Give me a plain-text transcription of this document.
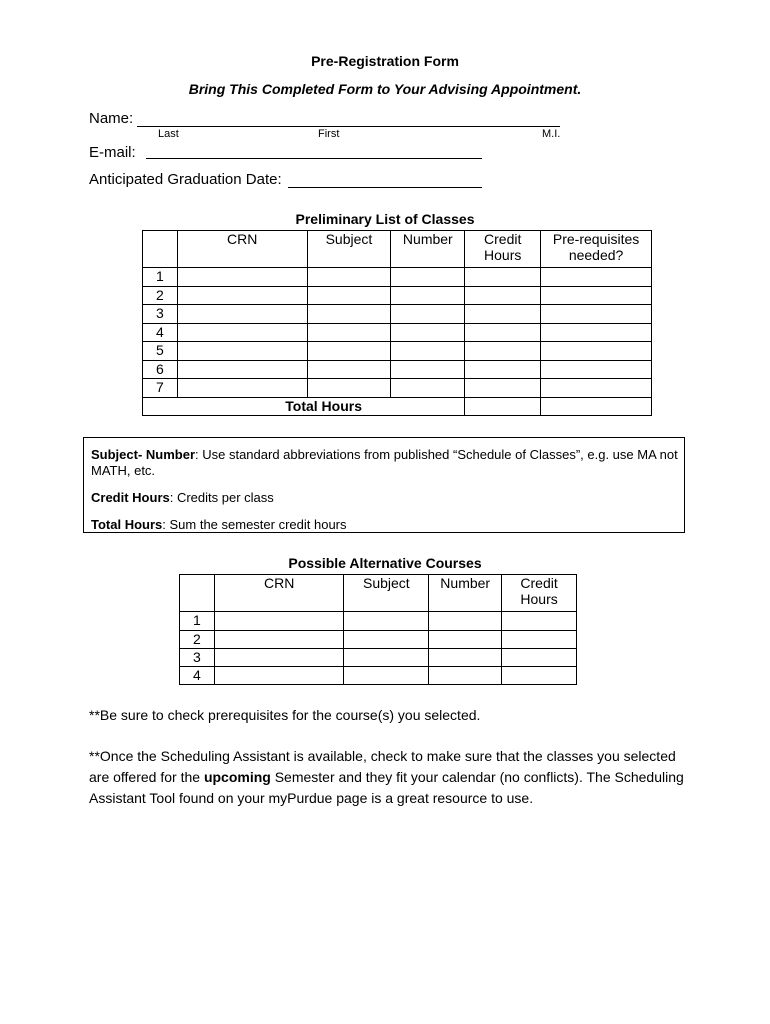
Pre-Registration Form
Bring This Completed Form to Your Advising Appointment.
Name:
Last	First	M.I.
E-mail:
Anticipated Graduation Date:
Preliminary List of Classes
	CRN	Subject	Number	Credit Hours	Pre-requisites needed?
1					
2					
3					
4					
5					
6					
7					
Total Hours					
Subject- Number: Use standard abbreviations from published “Schedule of Classes”, e.g. use MA not MATH, etc.
Credit Hours: Credits per class
Total Hours: Sum the semester credit hours
Possible Alternative Courses
	CRN	Subject	Number	Credit Hours
1				
2				
3				
4				
**Be sure to check prerequisites for the course(s) you selected.
**Once the Scheduling Assistant is available, check to make sure that the classes you selected are offered for the upcoming Semester and they fit your calendar (no conflicts). The Scheduling Assistant Tool found on your myPurdue page is a great resource to use.
